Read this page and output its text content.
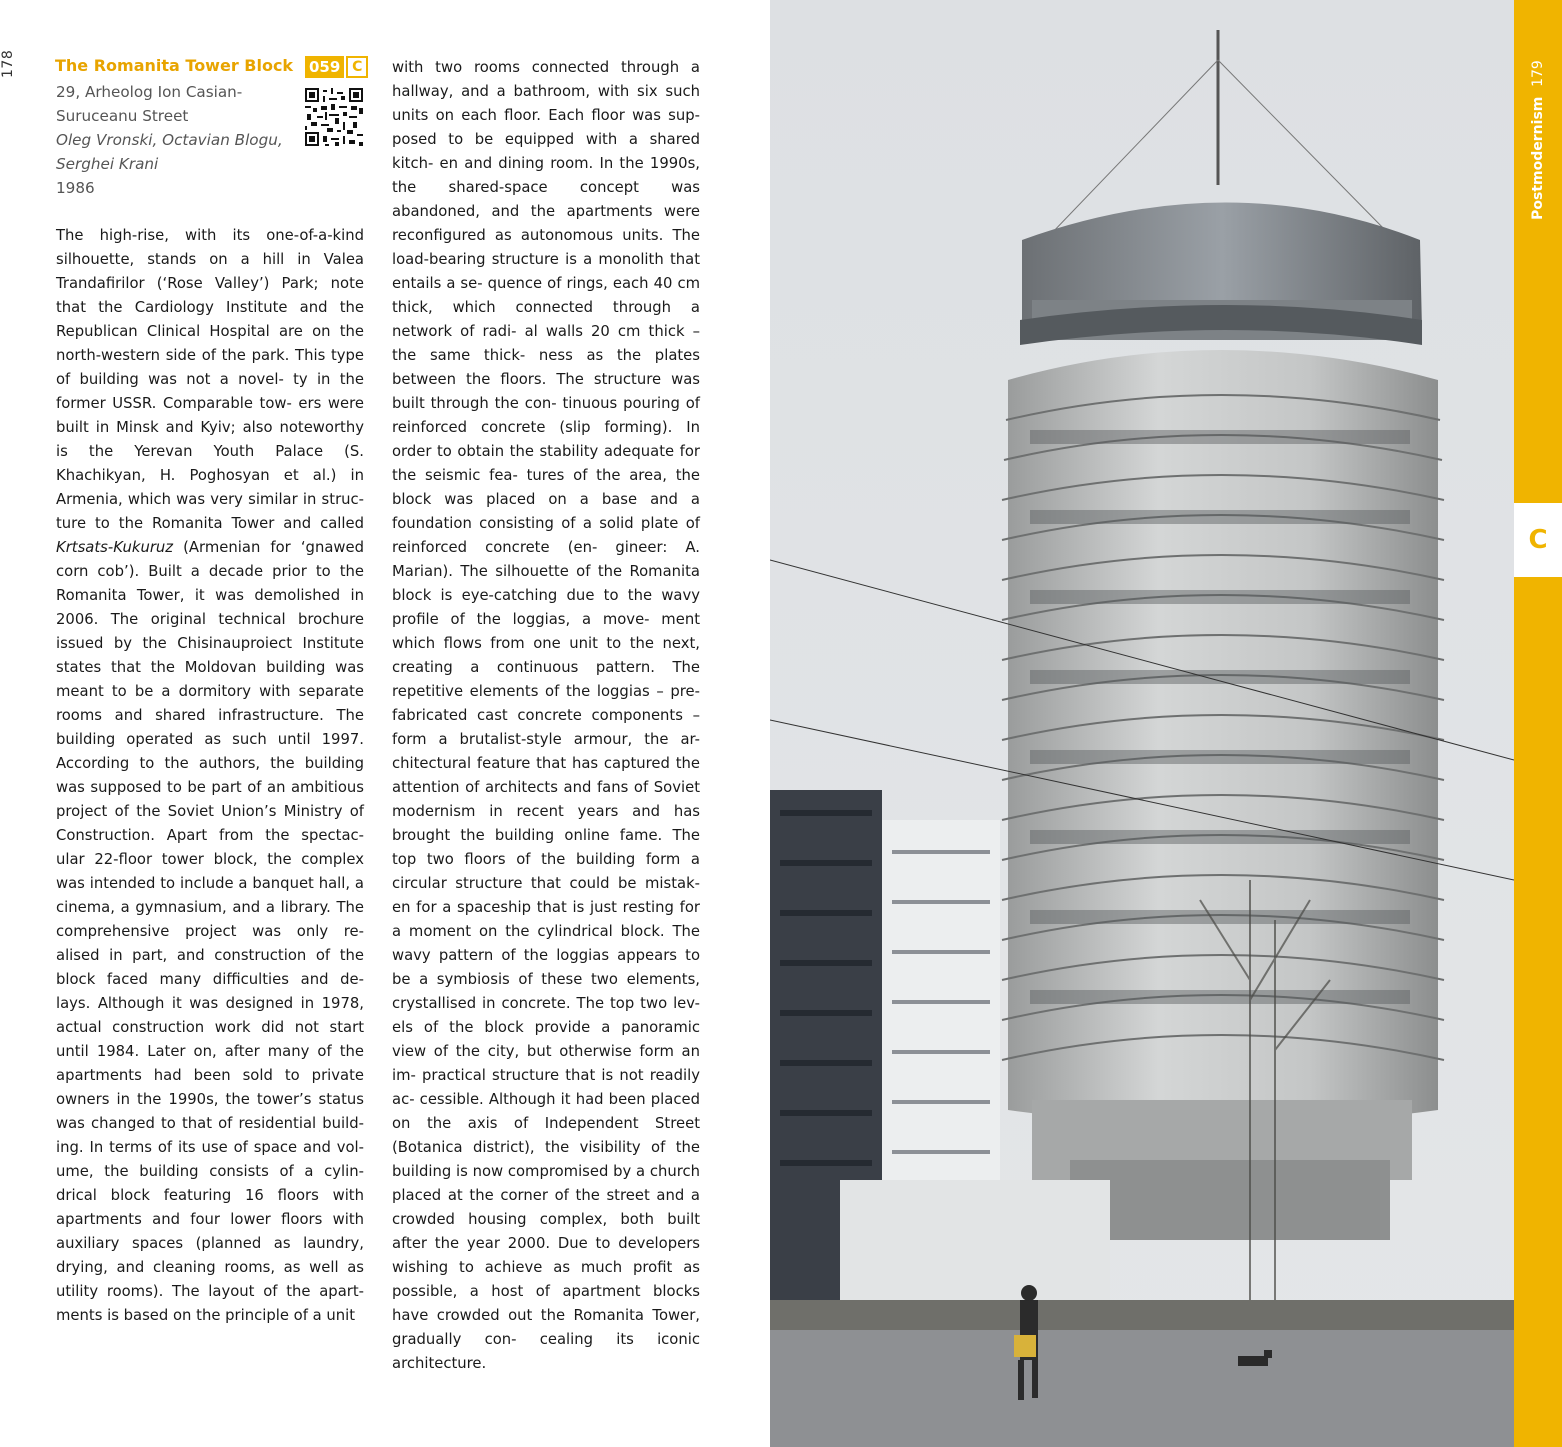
178 The Romanita Tower Block 059 C
29, Arheolog Ion Casian-
Suruceanu Street
Oleg Vronski, Octavian Blogu,
Serghei Krani
1986

The high-rise, with its one-of-a-kind silhouette, stands on a hill in Valea Trandafirilor (‘Rose Valley’) Park; note that the Cardiology Institute and the Republican Clinical Hospital are on the north-western side of the park. This type of building was not a novel- ty in the former USSR. Comparable tow- ers were built in Minsk and Kyiv; also noteworthy is the Yerevan Youth Palace (S. Khachikyan, H. Poghosyan et al.) in Armenia, which was very similar in struc- ture to the Romanita Tower and called Krtsats-Kukuruz (Armenian for ‘gnawed corn cob’). Built a decade prior to the Romanita Tower, it was demolished in 2006. The original technical brochure issued by the Chisinauproiect Institute states that the Moldovan building was meant to be a dormitory with separate rooms and shared infrastructure. The building operated as such until 1997. According to the authors, the building was supposed to be part of an ambitious project of the Soviet Union’s Ministry of Construction. Apart from the spectac- ular 22-floor tower block, the complex was intended to include a banquet hall, a cinema, a gymnasium, and a library. The comprehensive project was only re- alised in part, and construction of the block faced many difficulties and de- lays. Although it was designed in 1978, actual construction work did not start until 1984. Later on, after many of the apartments had been sold to private owners in the 1990s, the tower’s status was changed to that of residential build- ing. In terms of its use of space and vol- ume, the building consists of a cylin- drical block featuring 16 floors with apartments and four lower floors with auxiliary spaces (planned as laundry, drying, and cleaning rooms, as well as utility rooms). The layout of the apart- ments is based on the principle of a unit

with two rooms connected through a hallway, and a bathroom, with six such units on each floor. Each floor was sup- posed to be equipped with a shared kitch- en and dining room. In the 1990s, the shared-space concept was abandoned, and the apartments were reconfigured as autonomous units. The load-bearing structure is a monolith that entails a se- quence of rings, each 40 cm thick, which connected through a network of radi- al walls 20 cm thick – the same thick- ness as the plates between the floors. The structure was built through the con- tinuous pouring of reinforced concrete (slip forming). In order to obtain the stability adequate for the seismic fea- tures of the area, the block was placed on a base and a foundation consisting of a solid plate of reinforced concrete (en- gineer: A. Marian). The silhouette of the Romanita block is eye-catching due to the wavy profile of the loggias, a move- ment which flows from one unit to the next, creating a continuous pattern. The repetitive elements of the loggias – pre- fabricated cast concrete components – form a brutalist-style armour, the ar- chitectural feature that has captured the attention of architects and fans of Soviet modernism in recent years and has brought the building online fame. The top two floors of the building form a circular structure that could be mistak- en for a spaceship that is just resting for a moment on the cylindrical block. The wavy pattern of the loggias appears to be a symbiosis of these two elements, crystallised in concrete. The top two lev- els of the block provide a panoramic view of the city, but otherwise form an im- practical structure that is not readily ac- cessible. Although it had been placed on the axis of Independent Street (Botanica district), the visibility of the building is now compromised by a church placed at the corner of the street and a crowded housing complex, both built after the year 2000. Due to developers wishing to achieve as much profit as possible, a host of apartment blocks have crowded out the Romanita Tower, gradually con- cealing its iconic architecture.

Postmodernism  179
C
